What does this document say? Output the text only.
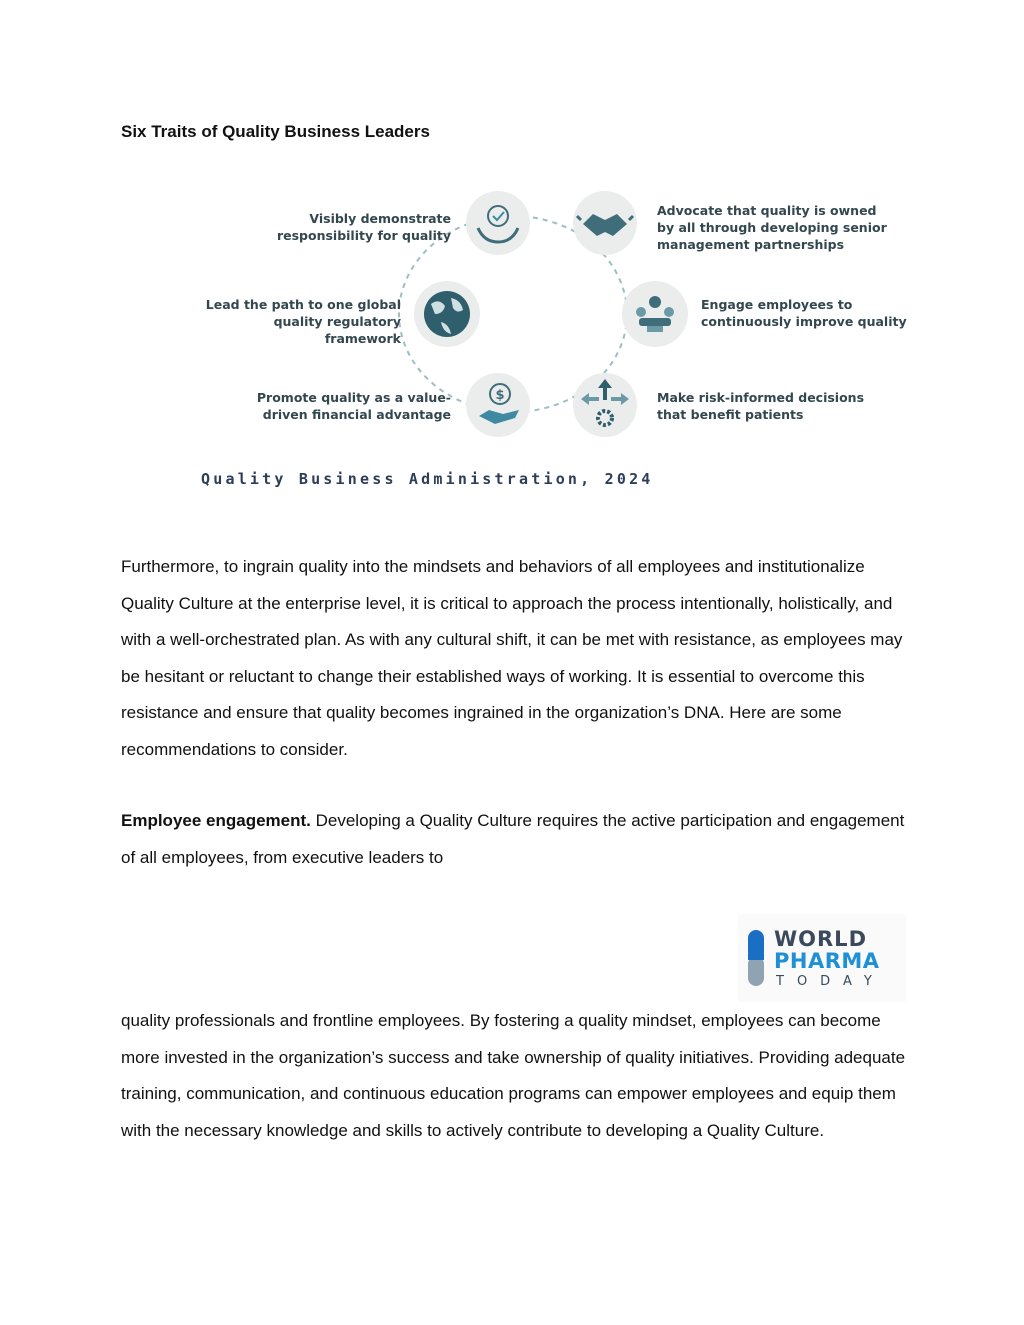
Six Traits of Quality Business Leaders
$
Visibly demonstrate responsibility for quality
Advocate that quality is owned by all through developing senior management partnerships
Lead the path to one global quality regulatory framework
Engage employees to continuously improve quality
Promote quality as a value-driven financial advantage
Make risk-informed decisions that benefit patients
Quality Business Administration, 2024

Furthermore, to ingrain quality into the mindsets and behaviors of all employees and institutionalize Quality Culture at the enterprise level, it is critical to approach the process intentionally, holistically, and with a well-orchestrated plan. As with any cultural shift, it can be met with resistance, as employees may be hesitant or reluctant to change their established ways of working. It is essential to overcome this resistance and ensure that quality becomes ingrained in the organization’s DNA. Here are some recommendations to consider.

Employee engagement. Developing a Quality Culture requires the active participation and engagement of all employees, from executive leaders to

WORLD
PHARMA
TODAY

quality professionals and frontline employees. By fostering a quality mindset, employees can become more invested in the organization’s success and take ownership of quality initiatives. Providing adequate training, communication, and continuous education programs can empower employees and equip them with the necessary knowledge and skills to actively contribute to developing a Quality Culture.
